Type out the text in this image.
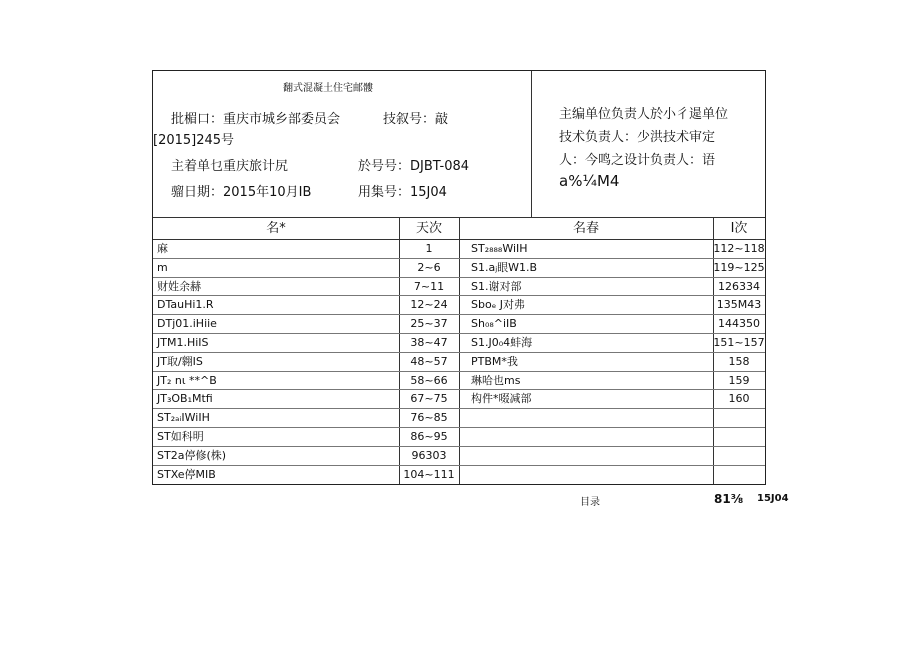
翻式混凝土住宅邮髏
批楣口：重庆市城乡部委员会	技叙号：敲
[2015]245号
主着单乜重庆旅计尻	於号号：DJBT-084
骝日期：2015年10月IB	用集号：15J04
主编单位负责人於小彳遈单位
技术负责人：少洪技术审定
人：今鸣之设计负责人：语
a%¼M4
名*	天次	名春	I次
麻	1	ST₂₈₈₈WiIH	112~118
m	2~6	S1.aⱼ眼W1.B	119~125
财姓余赫	7~11	S1.谢对部	126334
DTauHi1.R	12~24	Sboₑ J对弗	135M43
DTj01.iHiie	25~37	Sh₀₈^iIB	144350
JTM1.HiIS	38~47	S1.J0₀4蚌海	151~157
JT取/翱IS	48~57	PTBM*我	158
JT₂ nι **^B	58~66	琳哈也ms	159
JT₃OB₁Mtfi	67~75	构件*啜减部	160
ST₂ₐᵢIWiIH	76~85
ST如科明	86~95
ST2a停修(株)	96303
STXe停MIB	104~111
目录	81⅜ 15J04
